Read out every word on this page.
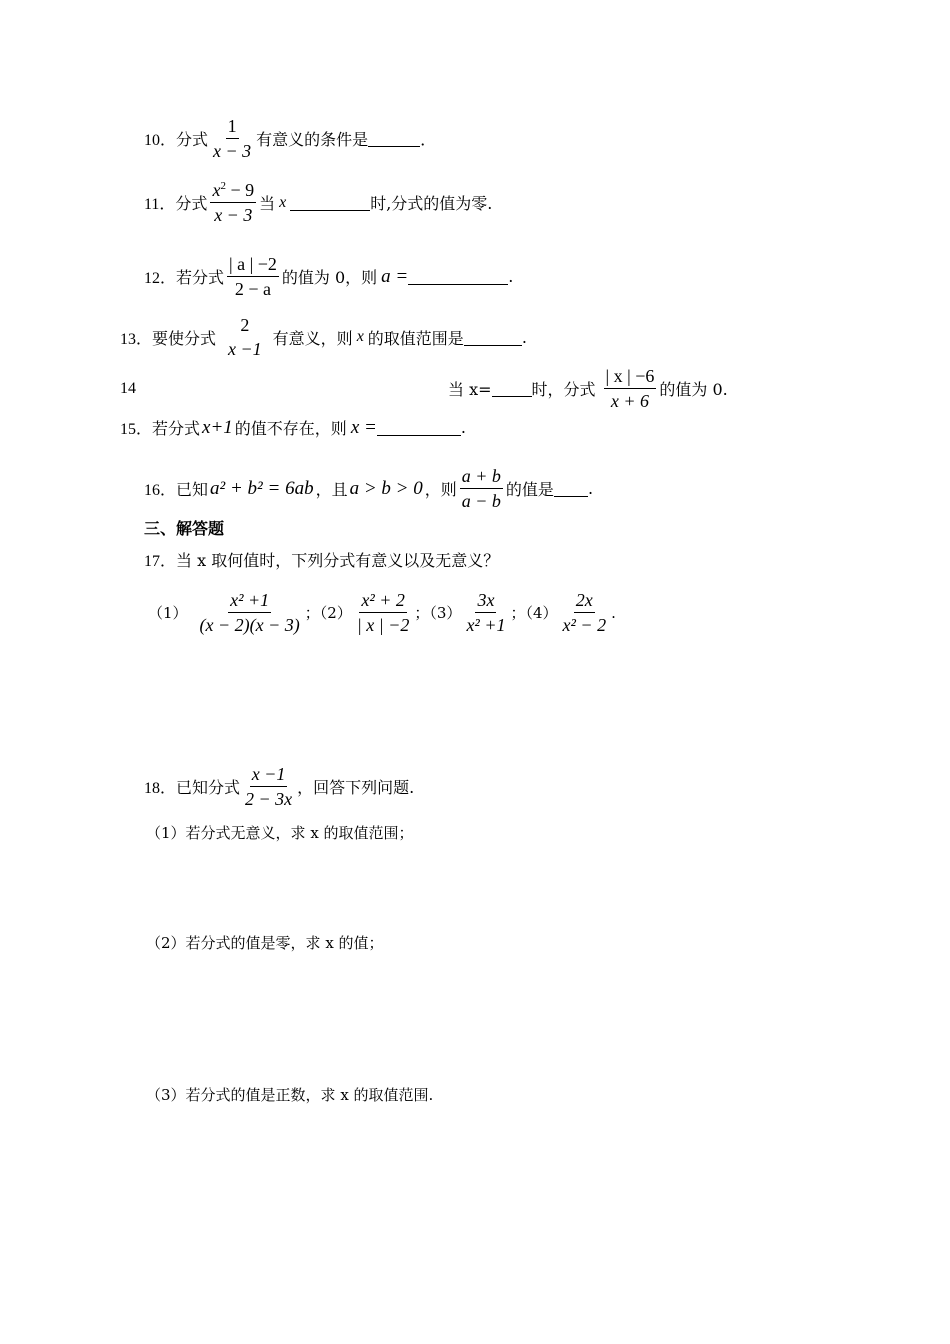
10． 分式 $\frac{1}{x - 3}$ 有意义的条件是	．
11． 分式 $\frac{x^2 - 9}{x - 3}$ 当 x	时,分式的值为零.
12． 若分式 $\frac{| a | -2}{2 - a}$ 的值为 0，则 a =	.
13． 要使分式
2
x −1
有意义，则 x 的取值范围是	.
14	当 x=	时，分式 $\frac{| x | -6}{x + 6}$ 的值为 0.
15． 若分式 x+1 的值不存在，则 x =	.
16． 已知 a² + b² = 6ab ，且 a > b > 0 ，则 $\frac{a + b}{a - b}$ 的值是 .
三、解答题
17． 当 x 取何值时，下列分式有意义以及无意义？
$(1) \frac{\text{x² +1}}{(x - 2)(x - 3)}$ ；$(2) \frac{\text{x² + 2}}{| x | -2}$ ；$(3) \frac{3x}{\text{x² +1}}$ ；$(4) \frac{2x}{\text{x² − 2}}$ .
18． 已知分式 $\frac{x -1}{2 - 3x}$ ，回答下列问题.
（1）若分式无意义，求 x 的取值范围；
（2）若分式的值是零，求 x 的值；
（3）若分式的值是正数，求 x 的取值范围.
